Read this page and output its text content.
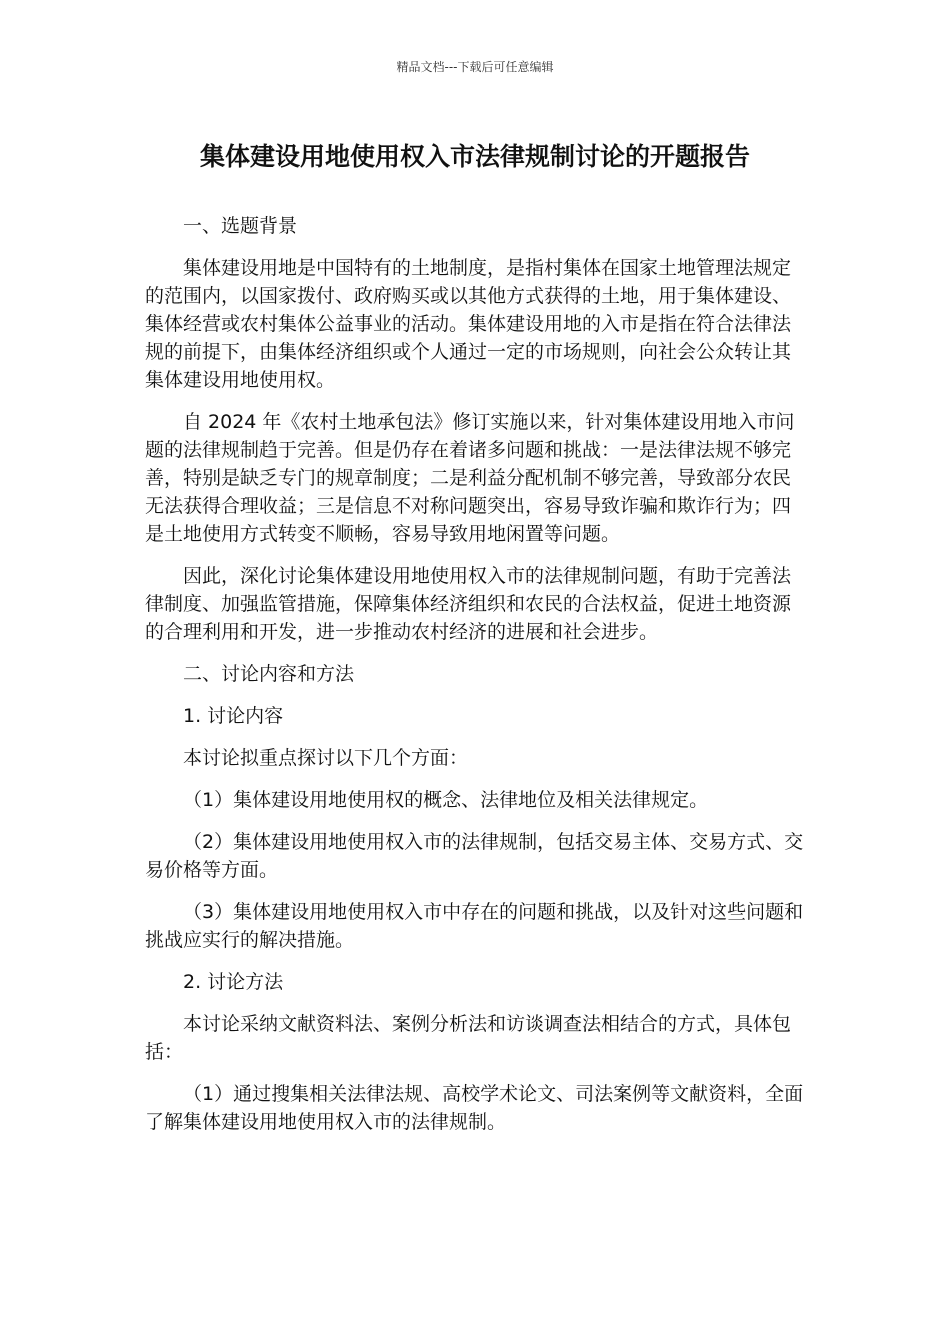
精品文档---下载后可任意编辑
集体建设用地使用权入市法律规制讨论的开题报告

一、选题背景

集体建设用地是中国特有的土地制度，是指村集体在国家土地管理法规定的范围内，以国家拨付、政府购买或以其他方式获得的土地，用于集体建设、集体经营或农村集体公益事业的活动。集体建设用地的入市是指在符合法律法规的前提下，由集体经济组织或个人通过一定的市场规则，向社会公众转让其集体建设用地使用权。

自 2024 年《农村土地承包法》修订实施以来，针对集体建设用地入市问题的法律规制趋于完善。但是仍存在着诸多问题和挑战：一是法律法规不够完善，特别是缺乏专门的规章制度；二是利益分配机制不够完善，导致部分农民无法获得合理收益；三是信息不对称问题突出，容易导致诈骗和欺诈行为；四是土地使用方式转变不顺畅，容易导致用地闲置等问题。

因此，深化讨论集体建设用地使用权入市的法律规制问题，有助于完善法律制度、加强监管措施，保障集体经济组织和农民的合法权益，促进土地资源的合理利用和开发，进一步推动农村经济的进展和社会进步。

二、讨论内容和方法

1. 讨论内容

本讨论拟重点探讨以下几个方面：

（1）集体建设用地使用权的概念、法律地位及相关法律规定。

（2）集体建设用地使用权入市的法律规制，包括交易主体、交易方式、交易价格等方面。

（3）集体建设用地使用权入市中存在的问题和挑战，以及针对这些问题和挑战应实行的解决措施。

2. 讨论方法

本讨论采纳文献资料法、案例分析法和访谈调查法相结合的方式，具体包括：

（1）通过搜集相关法律法规、高校学术论文、司法案例等文献资料，全面了解集体建设用地使用权入市的法律规制。
